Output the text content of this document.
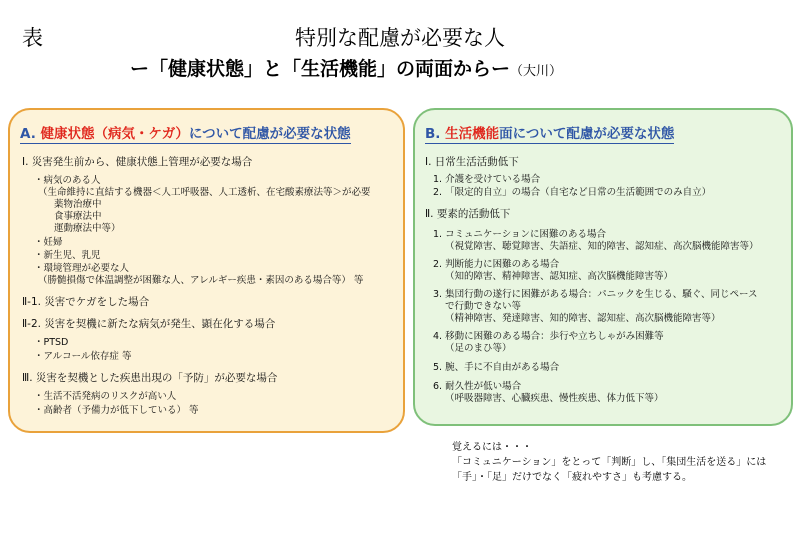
表	特別な配慮が必要な人
ー「健康状態」と「生活機能」の両面からー（大川）
A. 健康状態（病気・ケガ）について配慮が必要な状態
Ⅰ. 災害発生前から、健康状態上管理が必要な場合
・病気のある人
（生命維持に直結する機器＜人工呼吸器、人工透析、在宅酸素療法等＞が必要
薬物治療中
食事療法中
運動療法中等）
・妊婦
・新生児、乳児
・環境管理が必要な人
（勝髄損傷で体温調整が困難な人、アレルギー疾患・素因のある場合等） 等
Ⅱ-1. 災害でケガをした場合
Ⅱ-2. 災害を契機に新たな病気が発生、顕在化する場合
・PTSD
・アルコール依存症 等
Ⅲ. 災害を契機とした疾患出現の「予防」が必要な場合
・生活不活発病のリスクが高い人
・高齢者（予備力が低下している） 等
B. 生活機能面について配慮が必要な状態
Ⅰ. 日常生活活動低下
1. 介護を受けている場合
2. 「限定的自立」の場合（自宅など日常の生活範囲でのみ自立）
Ⅱ. 要素的活動低下
1. コミュニケーションに困難のある場合
（視覚障害、聴覚障害、失語症、知的障害、認知症、高次脳機能障害等）
2. 判断能力に困難のある場合
（知的障害、精神障害、認知症、高次脳機能障害等）
3. 集団行動の遂行に困難がある場合：パニックを生じる、騒ぐ、同じペース
で行動できない等
（精神障害、発達障害、知的障害、認知症、高次脳機能障害等）
4. 移動に困難のある場合：歩行や立ちしゃがみ困難等
（足のまひ等）
5. 腕、手に不自由がある場合
6. 耐久性が低い場合
（呼吸器障害、心臓疾患、慢性疾患、体力低下等）
覚えるには・・・
「コミュニケーション」をとって「判断」し、「集団生活を送る」には
「手」・「足」だけでなく「疲れやすさ」も考慮する。
